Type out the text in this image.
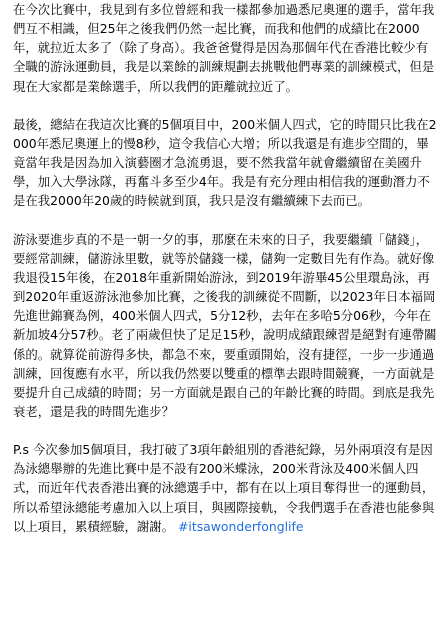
在今次比賽中，我見到有多位曾經和我一樣都參加過悉尼奧運的選手，當年我們互不相識，但25年之後我們仍然一起比賽，而我和他們的成績比在2000年，就拉近太多了（除了身高）。我爸爸覺得是因為那個年代在香港比較少有全職的游泳運動員，我是以業餘的訓練規劃去挑戰他們專業的訓練模式，但是現在大家都是業餘選手，所以我們的距離就拉近了。

最後，總結在我這次比賽的5個項目中，200米個人四式，它的時間只比我在2000年悉尼奧運上的慢8秒，這令我信心大增；所以我還是有進步空間的，畢竟當年我是因為加入演藝圈才急流勇退，要不然我當年就會繼續留在美國升學，加入大學泳隊，再奮斗多至少4年。我是有充分理由相信我的運動潛力不是在我2000年20歲的時候就到頂，我只是沒有繼續練下去而已。

游泳要進步真的不是一朝一夕的事，那麼在未來的日子，我要繼續「儲錢」，要經常訓練，儲游泳里數，就等於儲錢一樣，儲夠一定數目先有作為。就好像我退役15年後，在2018年重新開始游泳，到2019年游畢45公里環島泳，再到2020年重返游泳池參加比賽，之後我的訓練從不間斷，以2023年日本福岡先進世錦賽為例，400米個人四式，5分12秒，去年在多哈5分06秒，今年在新加坡4分57秒。老了兩歲但快了足足15秒，說明成績跟練習是絕對有連帶關係的。就算從前游得多快，都急不來，要重頭開始，沒有捷徑，一步一步通過訓練，回復應有水平，所以我仍然要以雙重的標準去跟時間競賽，一方面就是要提升自己成績的時間；另一方面就是跟自己的年齡比賽的時間。到底是我先衰老，還是我的時間先進步？

P.s 今次參加5個項目，我打破了3項年齡組別的香港紀錄，另外兩項沒有是因為泳總舉辦的先進比賽中是不設有200米蝶泳，200米背泳及400米個人四式，而近年代表香港出賽的泳總選手中，都有在以上項目奪得世一的運動員，所以希望泳總能考慮加入以上項目，與國際接軌，令我們選手在香港也能參與以上項目，累積經驗，謝謝。 #itsawonderfonglife
